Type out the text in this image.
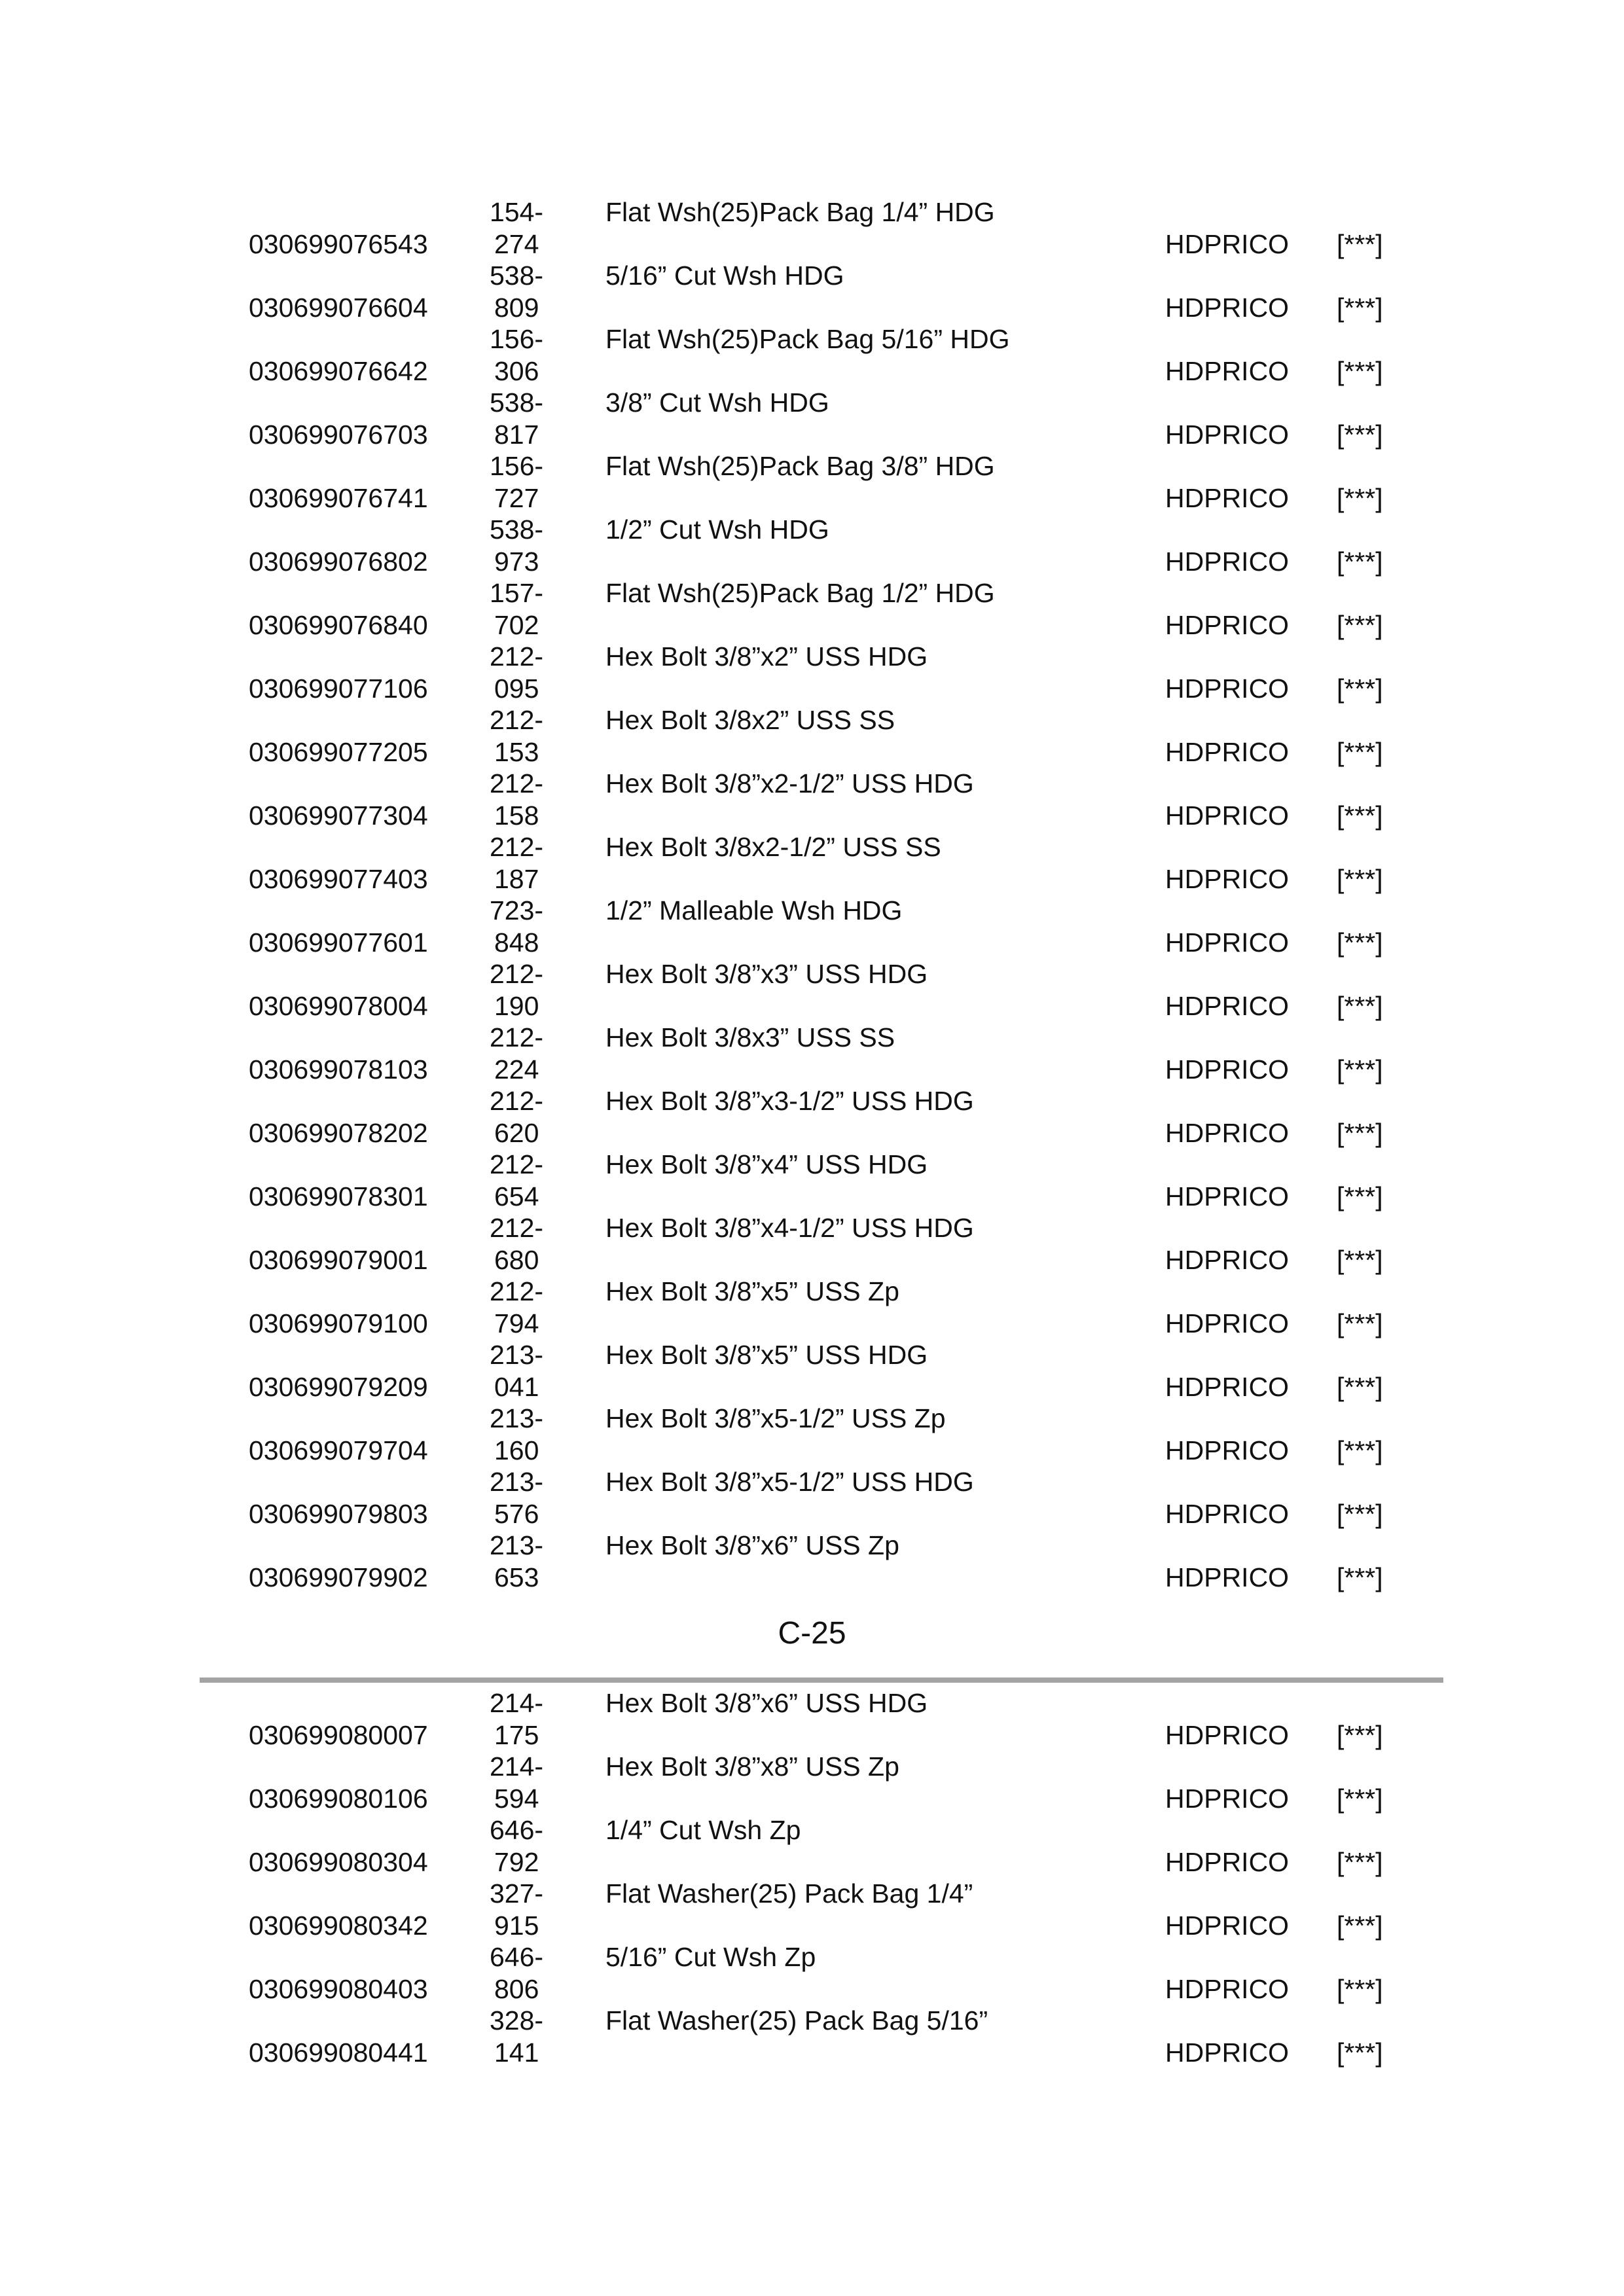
030699076543
154-
274
Flat Wsh(25)Pack Bag 1/4” HDG
HDPRICO [***]
030699076604
538-
809
5/16” Cut Wsh HDG
HDPRICO [***]
030699076642
156-
306
Flat Wsh(25)Pack Bag 5/16” HDG
HDPRICO [***]
030699076703
538-
817
3/8” Cut Wsh HDG
HDPRICO [***]
030699076741
156-
727
Flat Wsh(25)Pack Bag 3/8” HDG
HDPRICO [***]
030699076802
538-
973
1/2” Cut Wsh HDG
HDPRICO [***]
030699076840
157-
702
Flat Wsh(25)Pack Bag 1/2” HDG
HDPRICO [***]
030699077106
212-
095
Hex Bolt 3/8”x2” USS HDG
HDPRICO [***]
030699077205
212-
153
Hex Bolt 3/8x2” USS SS
HDPRICO [***]
030699077304
212-
158
Hex Bolt 3/8”x2-1/2” USS HDG
HDPRICO [***]
030699077403
212-
187
Hex Bolt 3/8x2-1/2” USS SS
HDPRICO [***]
030699077601
723-
848
1/2” Malleable Wsh HDG
HDPRICO [***]
030699078004
212-
190
Hex Bolt 3/8”x3” USS HDG
HDPRICO [***]
030699078103
212-
224
Hex Bolt 3/8x3” USS SS
HDPRICO [***]
030699078202
212-
620
Hex Bolt 3/8”x3-1/2” USS HDG
HDPRICO [***]
030699078301
212-
654
Hex Bolt 3/8”x4” USS HDG
HDPRICO [***]
030699079001
212-
680
Hex Bolt 3/8”x4-1/2” USS HDG
HDPRICO [***]
030699079100
212-
794
Hex Bolt 3/8”x5” USS Zp
HDPRICO [***]
030699079209
213-
041
Hex Bolt 3/8”x5” USS HDG
HDPRICO [***]
030699079704
213-
160
Hex Bolt 3/8”x5-1/2” USS Zp
HDPRICO [***]
030699079803
213-
576
Hex Bolt 3/8”x5-1/2” USS HDG
HDPRICO [***]
030699079902
213-
653
Hex Bolt 3/8”x6” USS Zp
HDPRICO [***]
C-25
030699080007
214-
175
Hex Bolt 3/8”x6” USS HDG
HDPRICO [***]
030699080106
214-
594
Hex Bolt 3/8”x8” USS Zp
HDPRICO [***]
030699080304
646-
792
1/4” Cut Wsh Zp
HDPRICO [***]
030699080342
327-
915
Flat Washer(25) Pack Bag 1/4”
HDPRICO [***]
030699080403
646-
806
5/16” Cut Wsh Zp
HDPRICO [***]
030699080441
328-
141
Flat Washer(25) Pack Bag 5/16”
HDPRICO [***]
